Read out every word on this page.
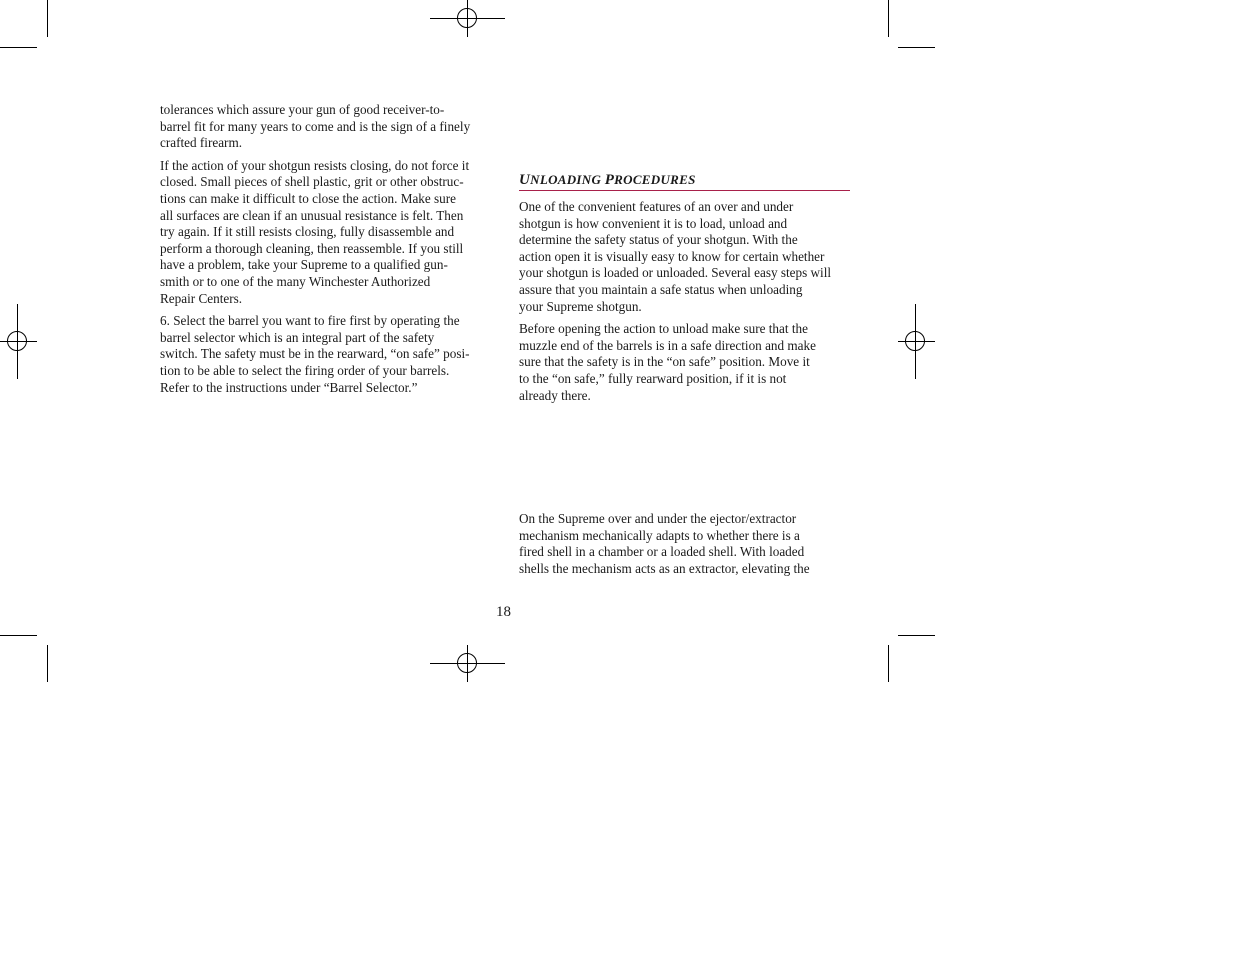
tolerances which assure your gun of good receiver-to-
barrel fit for many years to come and is the sign of a finely
crafted firearm.

If the action of your shotgun resists closing, do not force it
closed. Small pieces of shell plastic, grit or other obstruc-
tions can make it difficult to close the action. Make sure
all surfaces are clean if an unusual resistance is felt. Then
try again. If it still resists closing, fully disassemble and
perform a thorough cleaning, then reassemble. If you still
have a problem, take your Supreme to a qualified gun-
smith or to one of the many Winchester Authorized
Repair Centers.

6. Select the barrel you want to fire first by operating the
barrel selector which is an integral part of the safety
switch. The safety must be in the rearward, “on safe” posi-
tion to be able to select the firing order of your barrels.
Refer to the instructions under “Barrel Selector.”

UNLOADING PROCEDURES

One of the convenient features of an over and under
shotgun is how convenient it is to load, unload and
determine the safety status of your shotgun. With the
action open it is visually easy to know for certain whether
your shotgun is loaded or unloaded. Several easy steps will
assure that you maintain a safe status when unloading
your Supreme shotgun.

Before opening the action to unload make sure that the
muzzle end of the barrels is in a safe direction and make
sure that the safety is in the “on safe” position. Move it
to the “on safe,” fully rearward position, if it is not
already there.

On the Supreme over and under the ejector/extractor
mechanism mechanically adapts to whether there is a
fired shell in a chamber or a loaded shell. With loaded
shells the mechanism acts as an extractor, elevating the

18
